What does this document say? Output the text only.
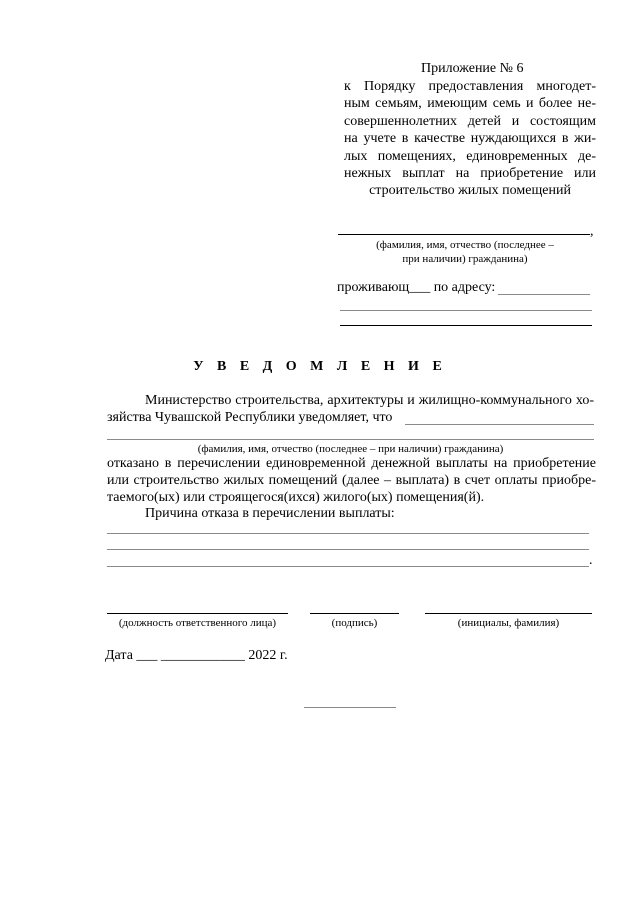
Приложение № 6
к Порядку предоставления многодет-
ным семьям, имеющим семь и более не-
совершеннолетних детей и состоящим
на учете в качестве нуждающихся в жи-
лых помещениях, единовременных де-
нежных выплат на приобретение или
строительство жилых помещений
,
(фамилия, имя, отчество (последнее –
при наличии) гражданина)
проживающ___ по адресу:
У В Е Д О М Л Е Н И Е
Министерство строительства, архитектуры и жилищно-коммунального хо-
зяйства Чувашской Республики уведомляет, что
(фамилия, имя, отчество (последнее – при наличии) гражданина)
отказано в перечислении единовременной денежной выплаты на приобретение
или строительство жилых помещений (далее – выплата) в счет оплаты приобре-
таемого(ых) или строящегося(ихся) жилого(ых) помещения(й).
Причина отказа в перечислении выплаты:
.
(должность ответственного лица)	(подпись)	(инициалы, фамилия)
Дата ___ ____________ 2022 г.
